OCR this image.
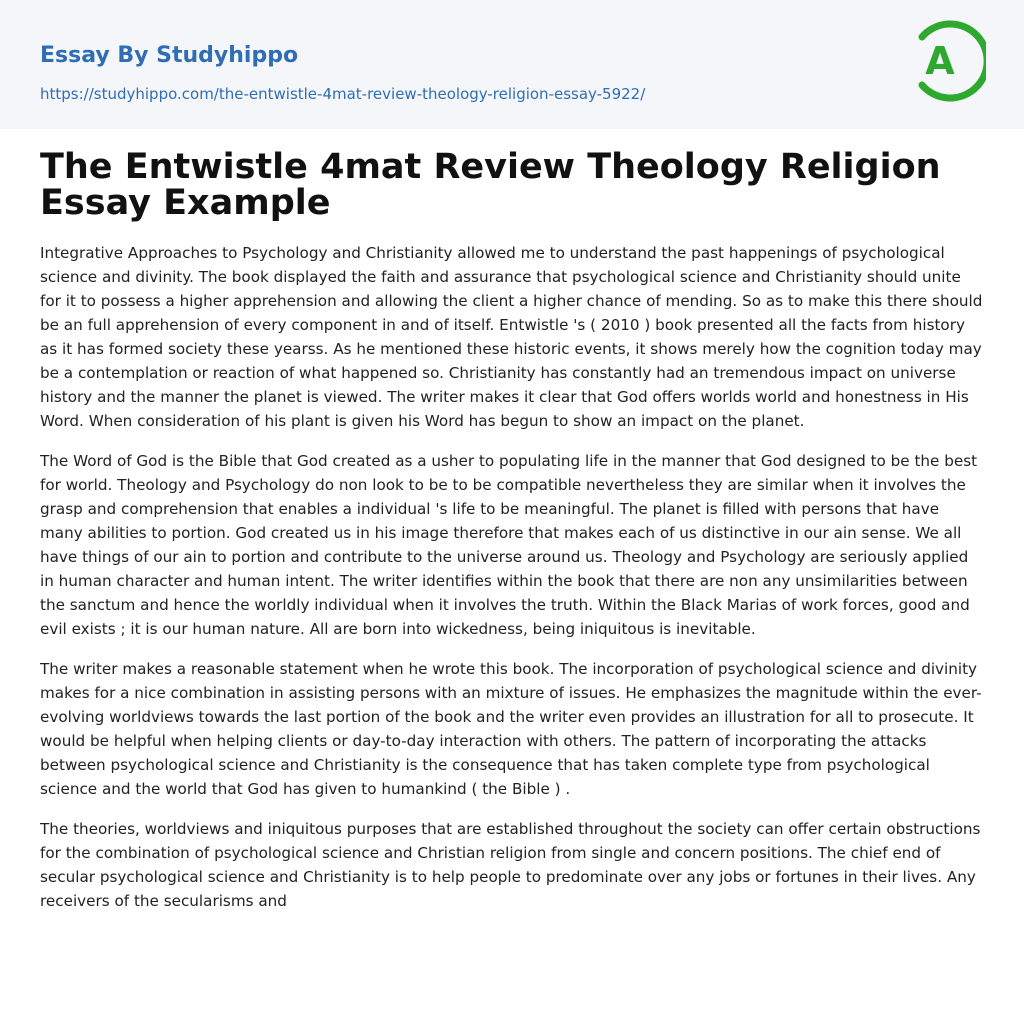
Essay By Studyhippo
https://studyhippo.com/the-entwistle-4mat-review-theology-religion-essay-5922/
A
The Entwistle 4mat Review Theology Religion Essay Example

Integrative Approaches to Psychology and Christianity allowed me to understand the past happenings of psychological science and divinity. The book displayed the faith and assurance that psychological science and Christianity should unite for it to possess a higher apprehension and allowing the client a higher chance of mending. So as to make this there should be an full apprehension of every component in and of itself. Entwistle 's ( 2010 ) book presented all the facts from history as it has formed society these yearss. As he mentioned these historic events, it shows merely how the cognition today may be a contemplation or reaction of what happened so. Christianity has constantly had an tremendous impact on universe history and the manner the planet is viewed. The writer makes it clear that God offers worlds world and honestness in His Word. When consideration of his plant is given his Word has begun to show an impact on the planet.

The Word of God is the Bible that God created as a usher to populating life in the manner that God designed to be the best for world. Theology and Psychology do non look to be to be compatible nevertheless they are similar when it involves the grasp and comprehension that enables a individual 's life to be meaningful. The planet is filled with persons that have many abilities to portion. God created us in his image therefore that makes each of us distinctive in our ain sense. We all have things of our ain to portion and contribute to the universe around us. Theology and Psychology are seriously applied in human character and human intent. The writer identifies within the book that there are non any unsimilarities between the sanctum and hence the worldly individual when it involves the truth. Within the Black Marias of work forces, good and evil exists ; it is our human nature. All are born into wickedness, being iniquitous is inevitable.

The writer makes a reasonable statement when he wrote this book. The incorporation of psychological science and divinity makes for a nice combination in assisting persons with an mixture of issues. He emphasizes the magnitude within the ever-evolving worldviews towards the last portion of the book and the writer even provides an illustration for all to prosecute. It would be helpful when helping clients or day-to-day interaction with others. The pattern of incorporating the attacks between psychological science and Christianity is the consequence that has taken complete type from psychological science and the world that God has given to humankind ( the Bible ) .

The theories, worldviews and iniquitous purposes that are established throughout the society can offer certain obstructions for the combination of psychological science and Christian religion from single and concern positions. The chief end of secular psychological science and Christianity is to help people to predominate over any jobs or fortunes in their lives. Any receivers of the secularisms and
